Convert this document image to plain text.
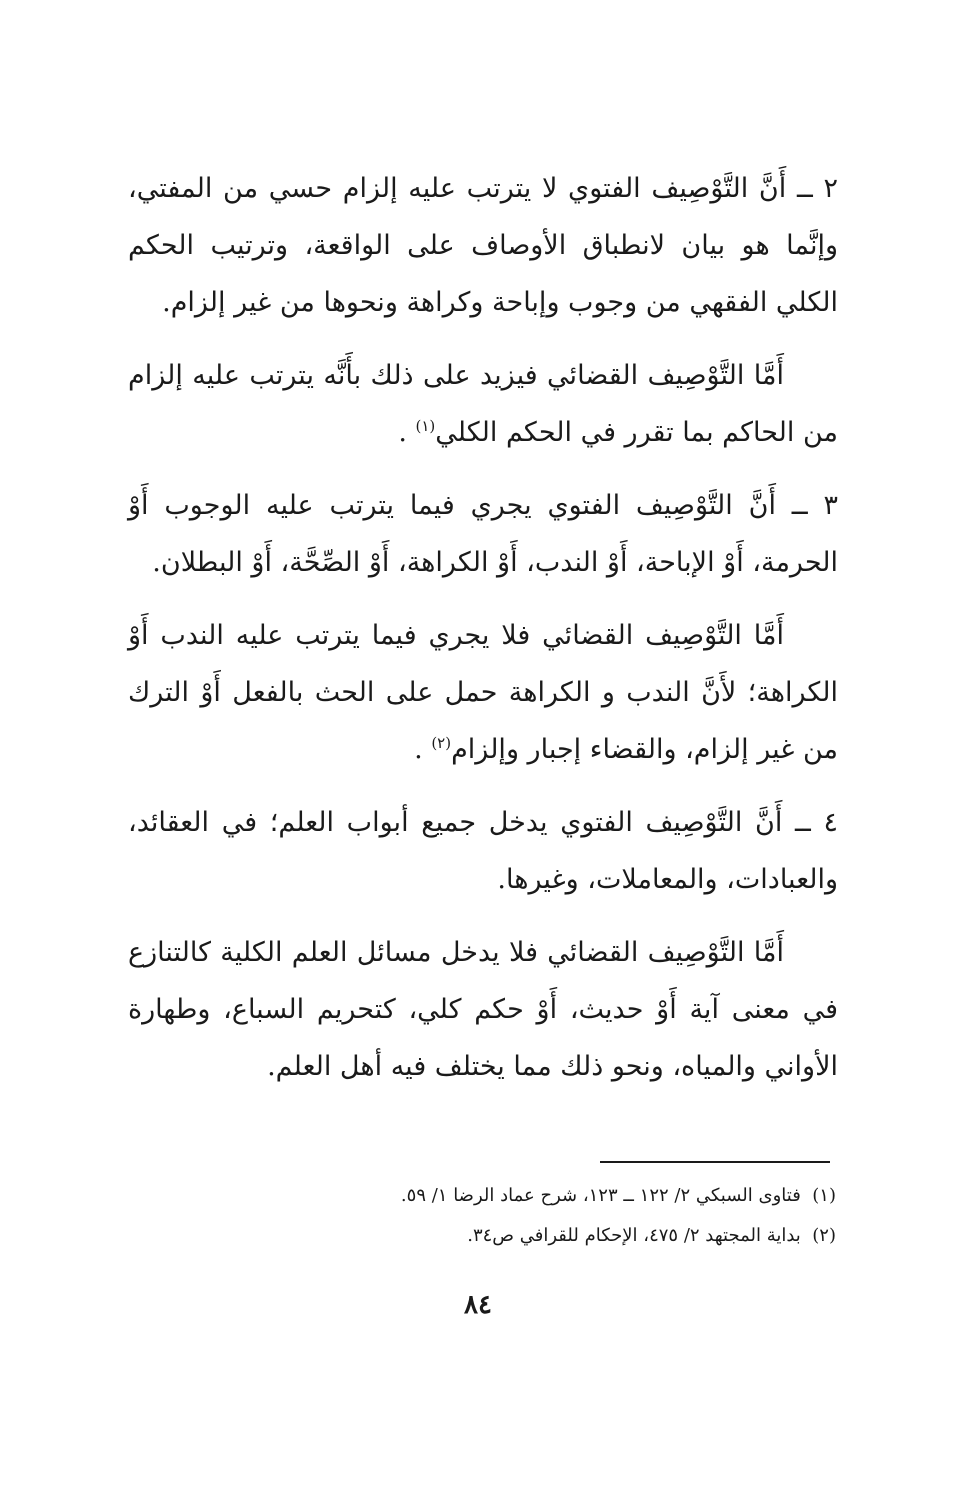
٢ ــ أَنَّ التَّوْصِيف الفتوي لا يترتب عليه إلزام حسي من المفتي، وإنَّما هو بيان لانطباق الأوصاف على الواقعة، وترتيب الحكم الكلي الفقهي من وجوب وإباحة وكراهة ونحوها من غير إلزام.

أَمَّا التَّوْصِيف القضائي فيزيد على ذلك بأَنَّه يترتب عليه إلزام من الحاكم بما تقرر في الحكم الكلي$^{(١)}$ .

٣ ــ أَنَّ التَّوْصِيف الفتوي يجري فيما يترتب عليه الوجوب أَوْ الحرمة، أَوْ الإباحة، أَوْ الندب، أَوْ الكراهة، أَوْ الصِّحَّة، أَوْ البطلان.

أَمَّا التَّوْصِيف القضائي فلا يجري فيما يترتب عليه الندب أَوْ الكراهة؛ لأَنَّ الندب و الكراهة حمل على الحث بالفعل أَوْ الترك من غير إلزام، والقضاء إجبار وإلزام$^{(٢)}$ .

٤ ــ أَنَّ التَّوْصِيف الفتوي يدخل جميع أبواب العلم؛ في العقائد، والعبادات، والمعاملات، وغيرها.

أَمَّا التَّوْصِيف القضائي فلا يدخل مسائل العلم الكلية كالتنازع في معنى آية أَوْ حديث، أَوْ حكم كلي، كتحريم السباع، وطهارة الأواني والمياه، ونحو ذلك مما يختلف فيه أهل العلم.

(١)  فتاوى السبكي ٢/ ١٢٢ ــ ١٢٣، شرح عماد الرضا ١/ ٥٩.

(٢)  بداية المجتهد ٢/ ٤٧٥، الإحكام للقرافي ص٣٤.

٨٤
